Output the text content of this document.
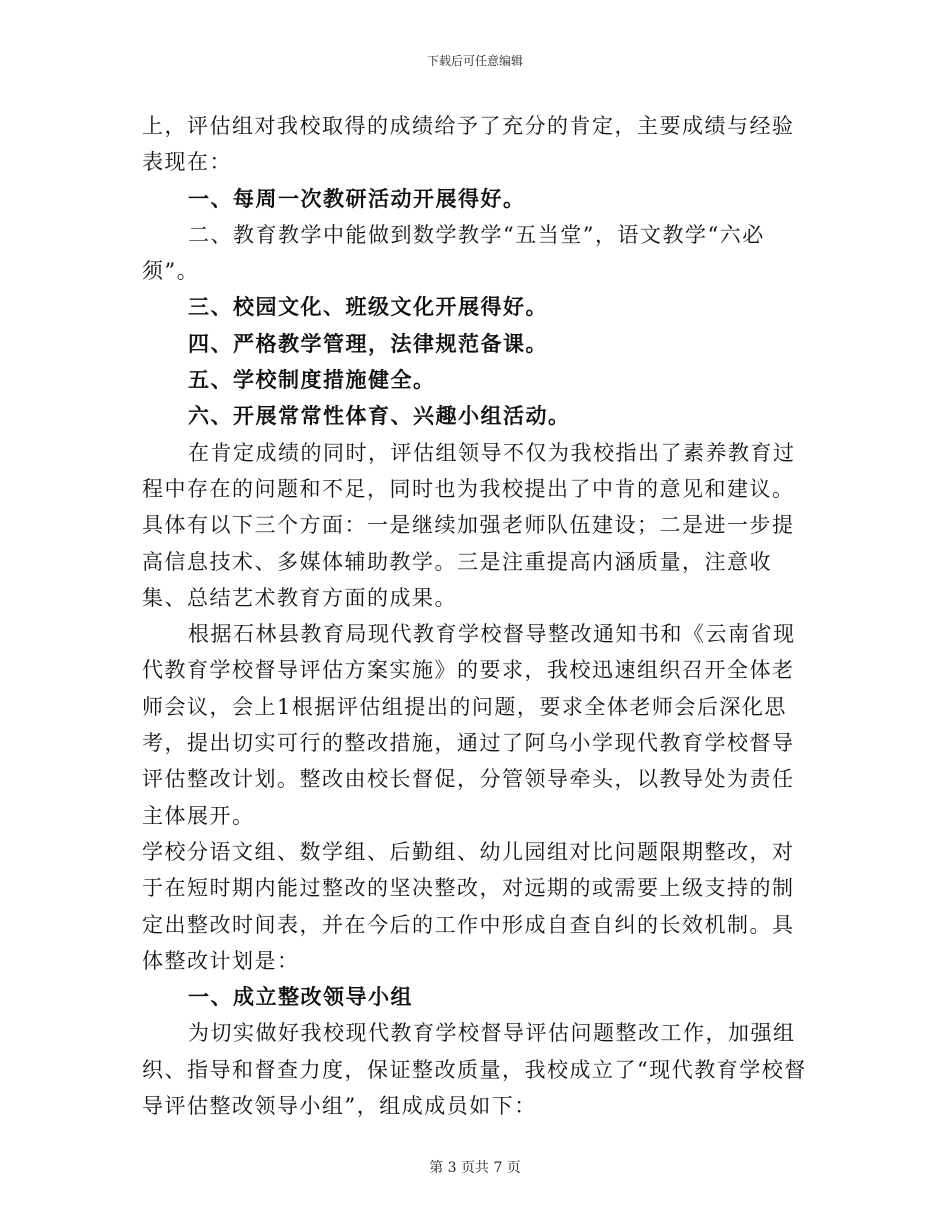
下载后可任意编辑

上，评估组对我校取得的成绩给予了充分的肯定，主要成绩与经验表现在：

一、每周一次教研活动开展得好。

二、教育教学中能做到数学教学“五当堂”，语文教学“六必须”。

三、校园文化、班级文化开展得好。

四、严格教学管理，法律规范备课。

五、学校制度措施健全。

六、开展常常性体育、兴趣小组活动。

在肯定成绩的同时，评估组领导不仅为我校指出了素养教育过程中存在的问题和不足，同时也为我校提出了中肯的意见和建议。具体有以下三个方面：一是继续加强老师队伍建设；二是进一步提高信息技术、多媒体辅助教学。三是注重提高内涵质量，注意收集、总结艺术教育方面的成果。

根据石林县教育局现代教育学校督导整改通知书和《云南省现代教育学校督导评估方案实施》的要求，我校迅速组织召开全体老师会议，会上1根据评估组提出的问题，要求全体老师会后深化思考，提出切实可行的整改措施，通过了阿乌小学现代教育学校督导评估整改计划。整改由校长督促，分管领导牵头，以教导处为责任主体展开。

学校分语文组、数学组、后勤组、幼儿园组对比问题限期整改，对于在短时期内能过整改的坚决整改，对远期的或需要上级支持的制定出整改时间表，并在今后的工作中形成自查自纠的长效机制。具体整改计划是：

一、成立整改领导小组

为切实做好我校现代教育学校督导评估问题整改工作，加强组织、指导和督查力度，保证整改质量，我校成立了“现代教育学校督导评估整改领导小组”，组成成员如下：

第 3 页共 7 页
